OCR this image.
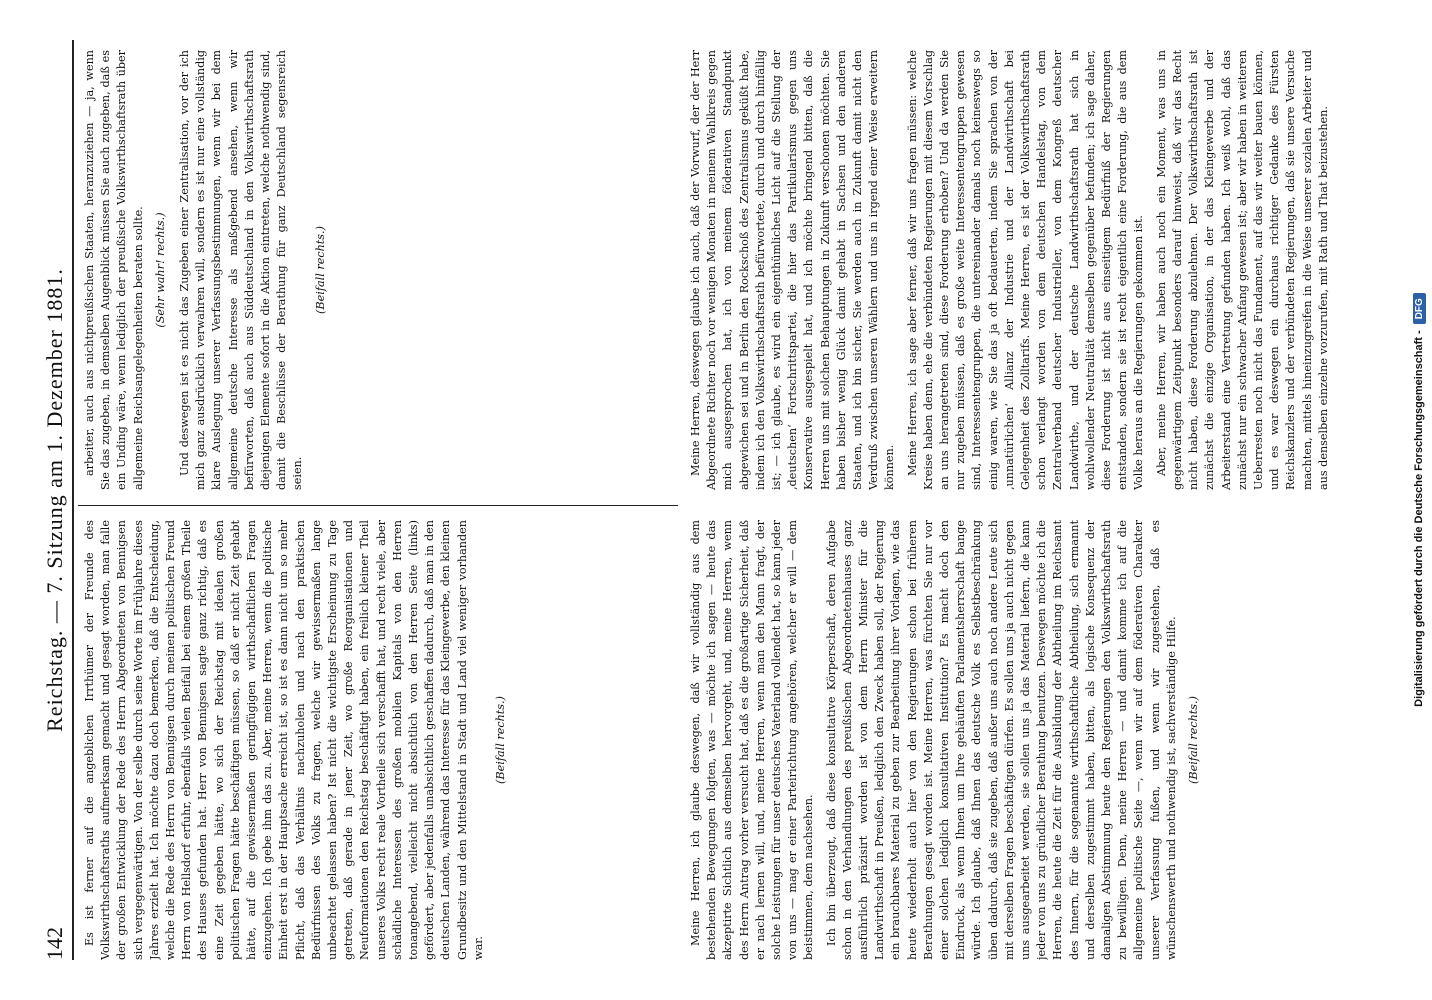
142
Reichstag. — 7. Sitzung am 1. Dezember 1881.

Es ist ferner auf die angeblichen Irrthümer der Freunde des Volkswirthschaftsraths aufmerksam gemacht und gesagt worden, man falle der großen Entwicklung der Rede des Herrn Abgeordneten von Bennigsen sich vergegenwärtigen. Von der selbe durch seine Worte im Frühjahre dieses Jahres erzielt hat. Ich möchte dazu doch bemerken, daß die Entscheidung, welche die Rede des Herrn von Bennigsen durch meinen politischen Freund Herrn von Hellsdorf erfuhr, ebenfalls vielen Beifall bei einem großen Theile des Hauses gefunden hat. Herr von Bennigsen sagte ganz richtig, daß es eine Zeit gegeben hätte, wo sich der Reichstag mit idealen großen politischen Fragen hätte beschäftigen müssen, so daß er nicht Zeit gehabt hätte, auf die gewissermaßen geringfügigen wirthschaftlichen Fragen einzugehen. Ich gebe ihm das zu. Aber, meine Herren, wenn die politische Einheit erst in der Hauptsache erreicht ist, so ist es dann nicht um so mehr Pflicht, daß das Verhältnis nachzuholen und nach den praktischen Bedürfnissen des Volks zu fragen, welche wir gewissermaßen lange unbeachtet gelassen haben? Ist nicht die wichtigste Erscheinung zu Tage getreten, daß gerade in jener Zeit, wo große Reorganisationen und Neuformationen den Reichstag beschäftigt haben, ein freilich kleiner Theil unseres Volks recht reale Vortheile sich verschafft hat, und recht viele, aber schädliche Interessen des großen mobilen Kapitals von den Herren tonangebend, vielleicht nicht absichtlich von den Herren Seite (links) gefördert, aber jedenfalls unabsichtlich geschaffen dadurch, daß man in den deutschen Landen, während das Interesse für das Kleingewerbe, den kleinen Grundbesitz und den Mittelstand in Stadt und Land viel weniger vorhanden war.

(Beifall rechts.)

arbeiter, auch aus nichtpreußischen Staaten, heranzuziehen — ja, wenn Sie das zugeben, in demselben Augenblick müssen Sie auch zugeben, daß es ein Unding wäre, wenn lediglich der preußische Volkswirthschaftsrath über allgemeine Reichsangelegenheiten beraten sollte. (Sehr wahr! rechts.) Und deswegen ist es nicht das Zugeben einer Zentralisation, vor der ich mich ganz ausdrücklich verwahren will, sondern es ist nur eine vollständig klare Auslegung unserer Verfassungsbestimmungen, wenn wir bei dem allgemeine deutsche Interesse als maßgebend ansehen, wenn wir befürworten, daß auch aus Süddeutschland in den Volkswirthschaftsrath diejenigen Elemente sofort in die Aktion eintreten, welche nothwendig sind, damit die Beschlüsse der Berathung für ganz Deutschland segensreich seien.

(Beifall rechts.)

Meine Herren, ich glaube deswegen, daß wir vollständig aus dem bestehenden Bewegungen folgten, was — möchte ich sagen — heute das akzeptirte Sichtlich aus demselben hervorgeht, und, meine Herren, wenn des Herrn Antrag vorher versucht hat, daß es die großartige Sicherheit, daß er nach lernen will, und, meine Herren, wenn man den Mann fragt, der solche Leistungen für unser deutsches Vaterland vollendet hat, so kann jeder von uns — mag er einer Parteirichtung angehören, welcher er will — dem beistimmen, dem nachsehen. Ich bin überzeugt, daß diese konsultative Körperschaft, deren Aufgabe schon in den Verhandlungen des preußischen Abgeordnetenhauses ganz ausführlich präzisirt worden ist von dem Herrn Minister für die Landwirthschaft in Preußen, lediglich den Zweck haben soll, der Regierung ein brauchbares Material zu geben zur Bearbeitung ihrer Vorlagen, wie das heute wiederholt auch hier von den Regierungen schon bei früheren Berathungen gesagt worden ist. Meine Herren, was fürchten Sie nur vor einer solchen lediglich konsultativen Institution? Es macht doch den Eindruck, als wenn Ihnen um Ihre gehäuften Parlamentsherrschaft bange würde. Ich glaube, daß Ihnen das deutsche Volk es Selbstbeschränkung üben dadurch, daß sie zugeben, daß außer uns auch noch andere Leute sich mit derselben Fragen beschäftigen dürfen. Es sollen uns ja auch nicht gegen uns ausgearbeitet werden, sie sollen uns ja das Material liefern, die kann jeder von uns zu gründlicher Berathung benutzen. Deswegen möchte ich die Herren, die heute die Zeit für die Ausbildung der Abtheilung im Reichsamt des Innern, für die sogenannte wirthschaftliche Abtheilung, sich ermannt und derselben zugestimmt haben, bitten, als logische Konsequenz der damaligen Abstimmung heute den Regierungen den Volkswirthschaftsrath zu bewilligen. Denn, meine Herren — und damit komme ich auf die allgemeine politische Seite —, wenn wir auf dem föderativen Charakter unserer Verfassung fußen, und wenn wir zugestehen, daß es wünschenswerth und nothwendig ist, sachverständige Hilfe. (Beifall rechts.)

Meine Herren, deswegen glaube ich auch, daß der Vorwurf, der der Herr Abgeordnete Richter noch vor wenigen Monaten in meinem Wahlkreis gegen mich ausgesprochen hat, ich von meinem föderativen Standpunkt abgewichen sei und in Berlin den Rockschoß des Zentralismus geküßt habe, indem ich den Volkswirthschaftsrath befürwortete, durch und durch hinfällig ist; — ich glaube, es wird ein eigenthümliches Licht auf die Stellung der ‚deutschen‘ Fortschrittspartei, die hier das Partikularismus gegen uns Konservative ausgespielt hat, und ich möchte bringend bitten, daß die Herren uns mit solchen Behauptungen in Zukunft verschonen möchten. Sie haben bisher wenig Glück damit gehabt in Sachsen und den anderen Staaten, und ich bin sicher, Sie werden auch in Zukunft damit nicht den Verdruß zwischen unseren Wählern und uns in irgend einer Weise erweitern können. Meine Herren, ich sage aber ferner, daß wir uns fragen müssen: welche Kreise haben denn, ehe die verbündeten Regierungen mit diesem Vorschlag an uns herangetreten sind, diese Forderung erhoben? Und da werden Sie nur zugeben müssen, daß es große weite Interessentengruppen gewesen sind, Interessentengruppen, die untereinander damals noch keineswegs so einig waren, wie Sie das ja oft bedauerten, indem Sie sprachen von der ‚unnatürlichen‘ Allianz der Industrie und der Landwirthschaft bei Gelegenheit des Zolltarifs. Meine Herren, es ist der Volkswirthschaftsrath schon verlangt worden von dem deutschen Handelstag, von dem Zentralverband deutscher Industrieller, von dem Kongreß deutscher Landwirthe, und der deutsche Landwirthschaftsrath hat sich in wohlwollender Neutralität demselben gegenüber befunden; ich sage daher, diese Forderung ist nicht aus einseitigem Bedürfniß der Regierungen entstanden, sondern sie ist recht eigentlich eine Forderung, die aus dem Volke heraus an die Regierungen gekommen ist. Aber, meine Herren, wir haben auch noch ein Moment, was uns in gegenwärtigem Zeitpunkt besonders darauf hinweist, daß wir das Recht nicht haben, diese Forderung abzulehnen. Der Volkswirthschaftsrath ist zunächst die einzige Organisation, in der das Kleingewerbe und der Arbeiterstand eine Vertretung gefunden haben. Ich weiß wohl, daß das zunächst nur ein schwacher Anfang gewesen ist; aber wir haben in weiteren Ueberresten noch nicht das Fundament, auf das wir weiter bauen können, und es war deswegen ein durchaus richtiger Gedanke des Fürsten Reichskanzlers und der verbündeten Regierungen, daß sie unsere Versuche machten, mittels hineinzugreifen in die Weise unserer sozialen Arbeiter und aus denselben einzelne vorzurufen, mit Rath und That beizustehen.

Digitalisierung gefördert durch die Deutsche Forschungsgemeinschaft -
DFG
